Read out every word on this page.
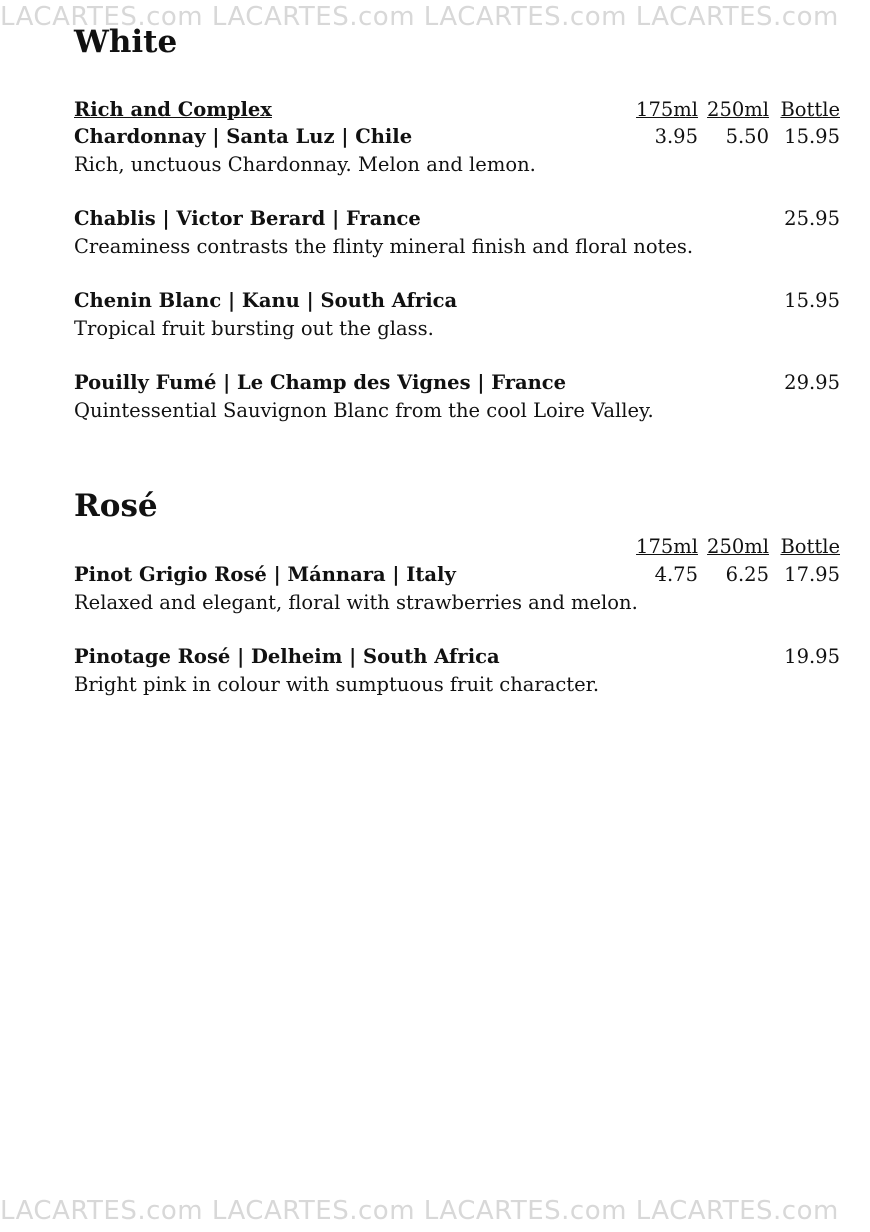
LACARTES.com LACARTES.com LACARTES.com LACARTES.com
White
Rich and Complex	175ml 250ml Bottle
Chardonnay | Santa Luz | Chile	3.95 5.50 15.95
Rich, unctuous Chardonnay. Melon and lemon.
Chablis | Victor Berard | France	25.95
Creaminess contrasts the flinty mineral finish and floral notes.
Chenin Blanc | Kanu | South Africa	15.95
Tropical fruit bursting out the glass.
Pouilly Fumé | Le Champ des Vignes | France	29.95
Quintessential Sauvignon Blanc from the cool Loire Valley.
Rosé
175ml 250ml Bottle
Pinot Grigio Rosé | Mánnara | Italy	4.75 6.25 17.95
Relaxed and elegant, floral with strawberries and melon.
Pinotage Rosé | Delheim | South Africa	19.95
Bright pink in colour with sumptuous fruit character.
LACARTES.com LACARTES.com LACARTES.com LACARTES.com
